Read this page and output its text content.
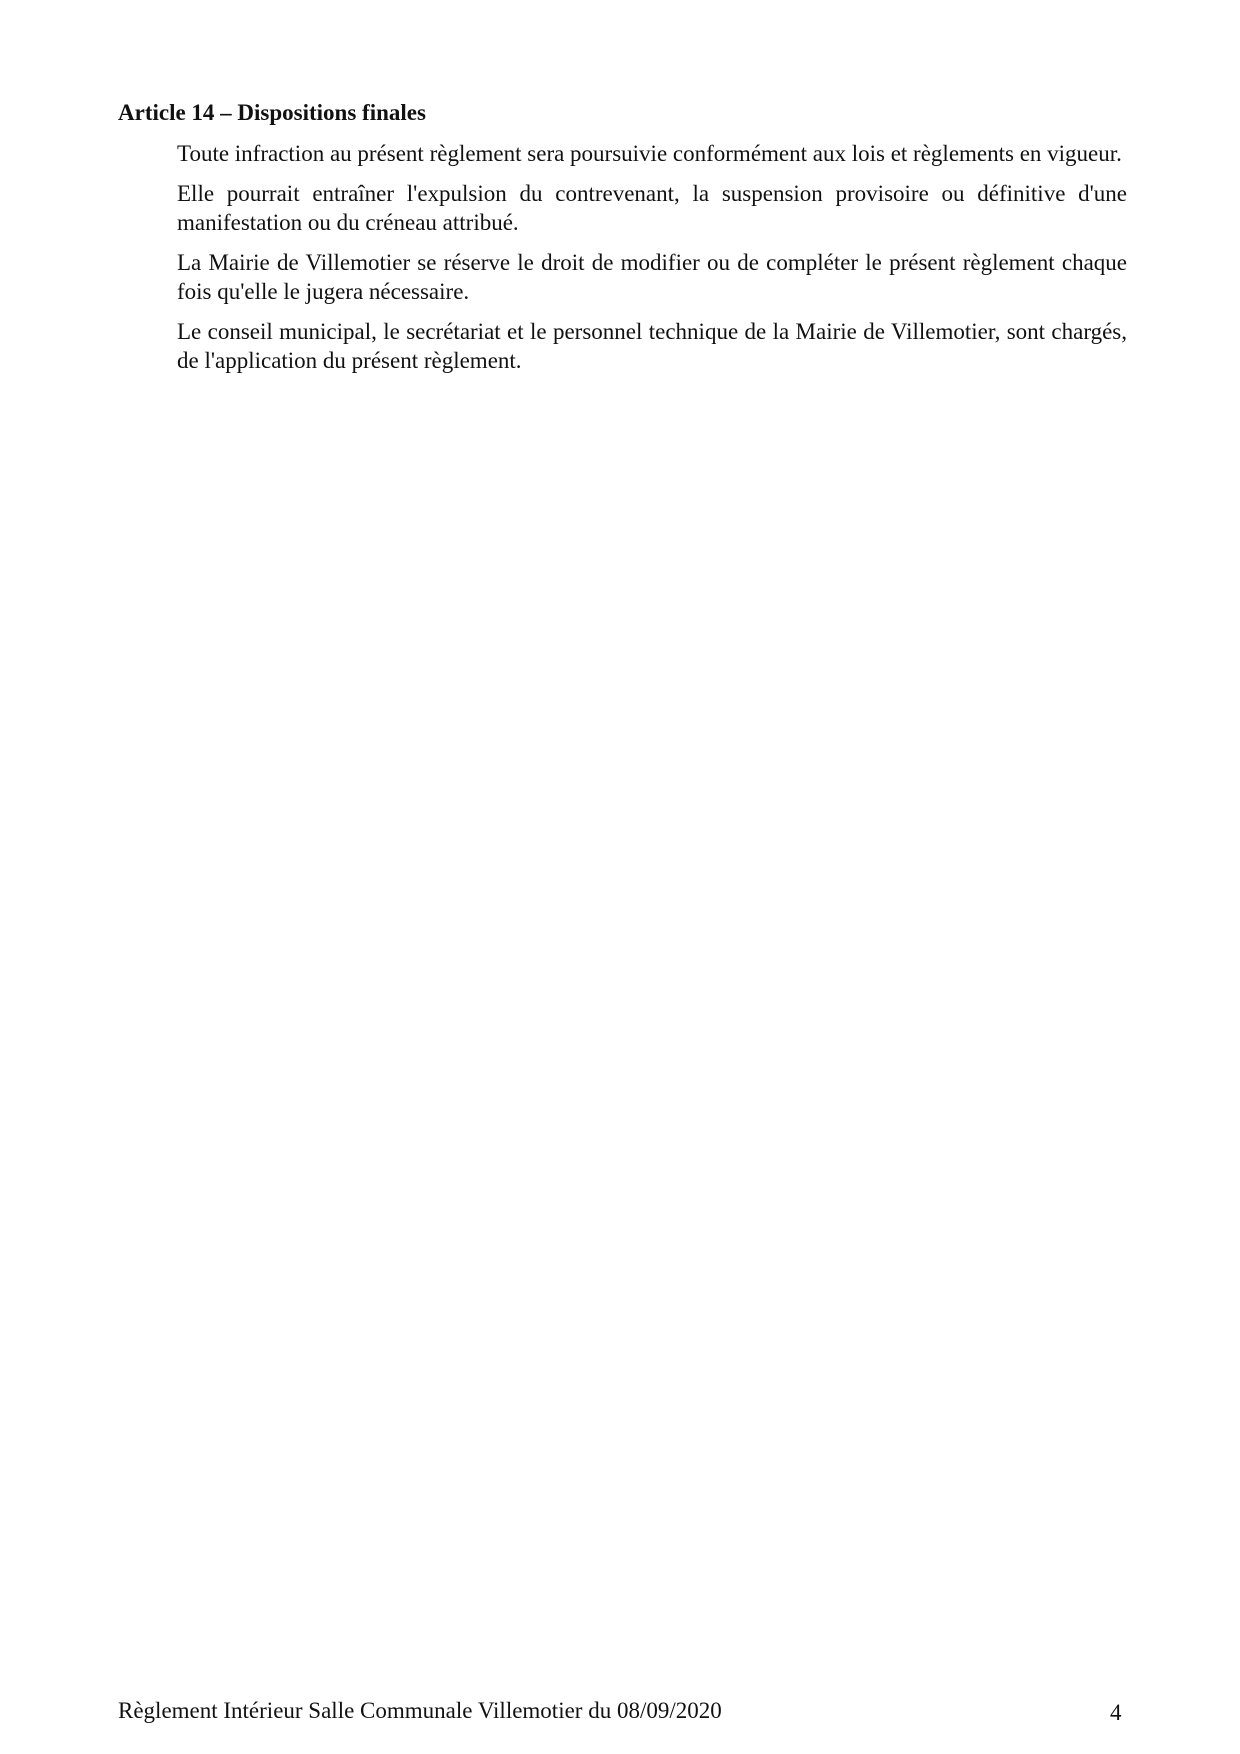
Article 14 – Dispositions finales

Toute infraction au présent règlement sera poursuivie conformément aux lois et règlements en vigueur.

Elle pourrait entraîner l'expulsion du contrevenant, la suspension provisoire ou définitive d'une manifestation ou du créneau attribué.

La Mairie de Villemotier se réserve le droit de modifier ou de compléter le présent règlement chaque fois qu'elle le jugera nécessaire.

Le conseil municipal, le secrétariat et le personnel technique de la Mairie de Villemotier, sont chargés, de l'application du présent règlement.

Règlement Intérieur Salle Communale Villemotier du 08/09/2020	4
